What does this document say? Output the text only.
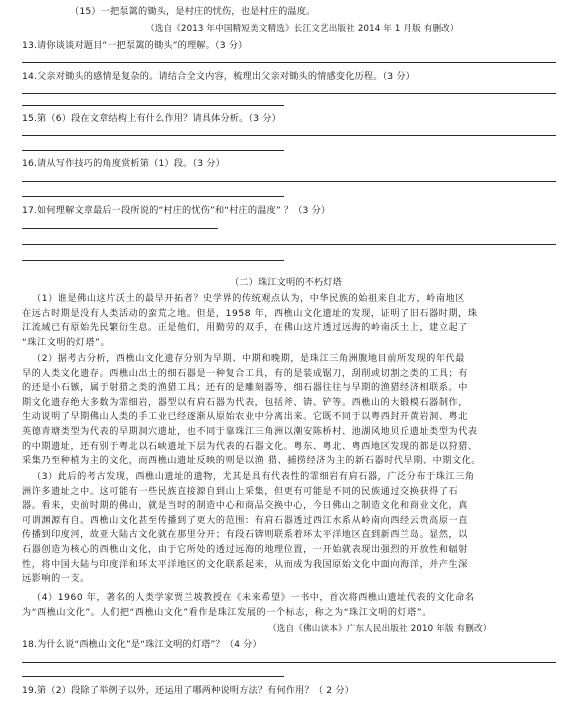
（15）一把泵篱的锄头，是村庄的忧伤，也是村庄的温度。
（选自《2013 年中国精短美文精选》长江文艺出版社 2014 年 1 月版 有删改）
13.请你谈谈对题目“一把泵篱的锄头”的理解。（3 分）
14.父亲对锄头的感情是复杂的。请结合全文内容，梳理出父亲对锄头的情感变化历程。（3 分）
15.第（6）段在文章结构上有什么作用？请具体分析。（3 分）
16.请从写作技巧的角度赏析第（1）段。（3 分）
17.如何理解文章最后一段所说的“村庄的忧伤”和“村庄的温度” ？（3 分）
（二）珠江文明的不朽灯塔
（1）谁是佛山这片沃土的最早开拓者？史学界的传统观点认为，中华民族的始祖来自北方，岭南地区
在远古时期是没有人类活动的蛮荒之地。但是，1958 年，西樵山文化遗址的发现，证明了旧石器时期，珠
江流域已有原始先民繁衍生息。正是他们，用勤劳的双手，在佛山这片透过远海的岭南沃土上，建立起了
“珠江文明的灯塔”。
（2）据考古分析，西樵山文化遗存分别为早期、中期和晚期，是珠江三角洲腹地目前所发现的年代最
早的人类文化遗存。西樵山出土的细石器是一种复合工具，有的是装成锯刀，刮削或切割之类的工具；有
的还是小石镞，属于射猎之类的渔猎工具；还有的是雕刻器等，细石器往往与早期的渔猎经济相联系。中
期文化遗存绝大多数为霏细岩，器型以有肩石器为代表，包括斧、锛、铲等。西樵山的大锻模石器制作，
生动说明了早期佛山人类的手工业已经逐渐从原始农业中分离出来。它既不同于以粤西封开黄岩洞、粤北
英德青塘类型为代表的早期洞穴遗址，也不同于靠珠江三角洲以潮安陈桥村、池湖风地贝丘遗址类型为代表
的中期遗址，还有别于粤北以石峡遗址下层为代表的石器文化。粤东、粤北、粤西地区发现的都是以狩猎、
采集乃至种植为主的文化，而西樵山遗址反映的则是以渔 猎、捕捞经济为主的新石器时代早期、中期文化。
（3）此后的考古发现，西樵山遗址的遗物，尤其是具有代表性的霏细岩有肩石器，广泛分布于珠江三角
洲许多遗址之中。这可能有一些民族直接源自到山上采集，但更有可能是不同的民族通过交换获得了石
器。看来，史前时期的佛山，就是当时的制造中心和商品交换中心，今日佛山之制造文化和商业文化，真
可谓渊源有自。西樵山文化甚至传播到了更大的范围：有肩石器透过西江水系从岭南向西经云贵高原一直
传播到印度河，故亚大陆古文化就在那里分开；有段石锛则联系着环太平洋地区直到新西兰岛。显然，以
石器创造为核心的西樵山文化，由于它所处的透过远海的地理位置，一开始就表现出强烈的开放性和辐射
性，将中国大陆与印度洋和环太平洋地区的文化联系起来，从而成为我国原始文化中面向海洋，并产生深
远影响的一支。
（4）1960 年，著名的人类学家贾兰坡教授在《未来希望》一书中，首次将西樵山遗址代表的文化命名
为“西樵山文化”。人们把“西樵山文化”看作是珠江发展的一个标志，称之为“珠江文明的灯塔”。
（选自《佛山读本》广东人民出版社 2010 年版 有删改）
18.为什么说“西樵山文化”是“珠江文明的灯塔”？（4 分）
19.第（2）段除了举例子以外，还运用了哪两种说明方法？有何作用？（ 2 分）
